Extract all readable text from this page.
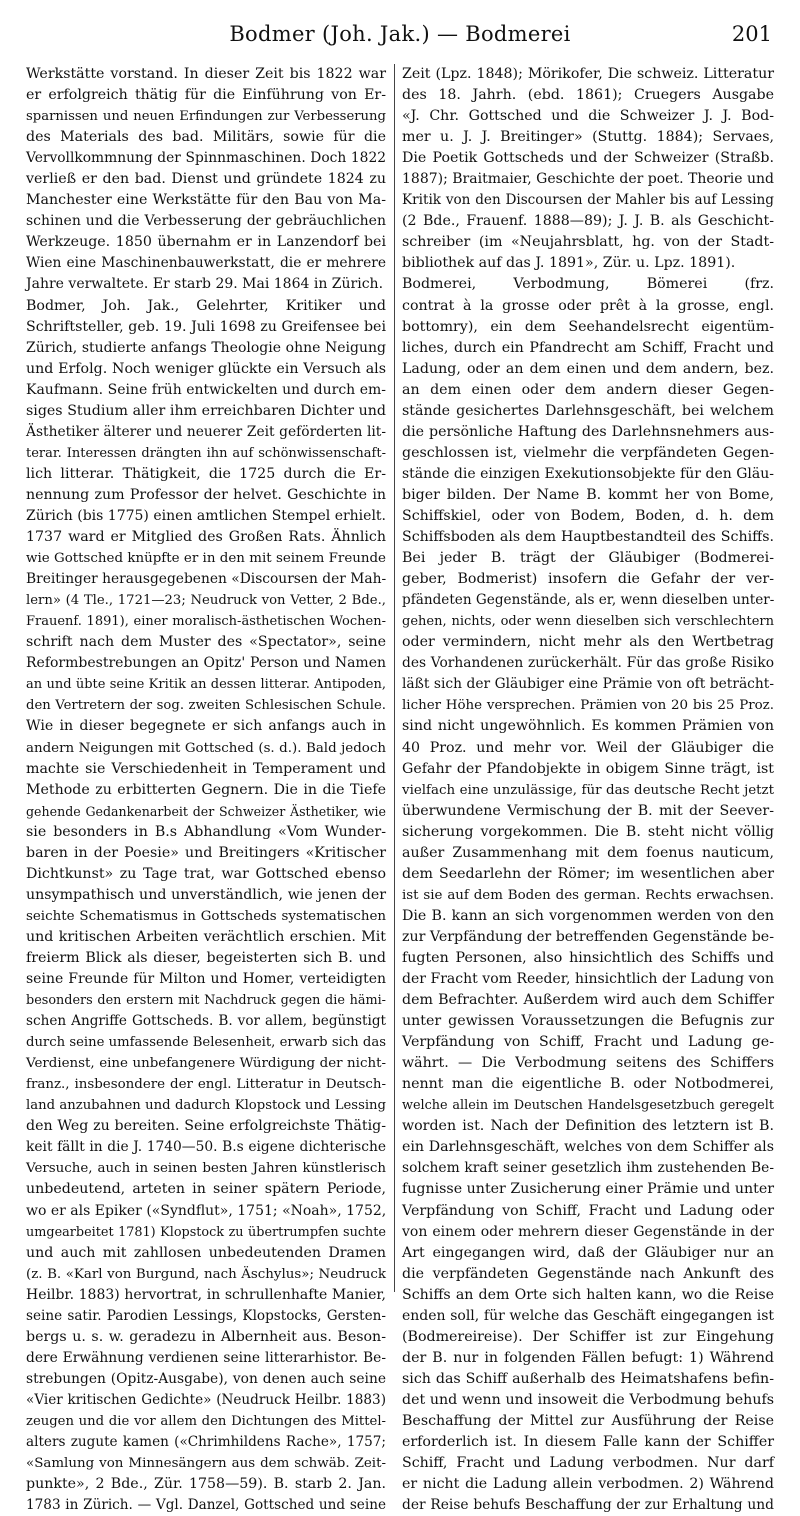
Bodmer (Joh. Jak.) — Bodmerei	201
Werkstätte vorstand. In dieser Zeit bis 1822 war
er erfolgreich thätig für die Einführung von Er-
sparnissen und neuen Erfindungen zur Verbesserung
des Materials des bad. Militärs, sowie für die
Vervollkommnung der Spinnmaschinen. Doch 1822
verließ er den bad. Dienst und gründete 1824 zu
Manchester eine Werkstätte für den Bau von Ma-
schinen und die Verbesserung der gebräuchlichen
Werkzeuge. 1850 übernahm er in Lanzendorf bei
Wien eine Maschinenbauwerkstatt, die er mehrere
Jahre verwaltete. Er starb 29. Mai 1864 in Zürich.
Bodmer, Joh. Jak., Gelehrter, Kritiker und
Schriftsteller, geb. 19. Juli 1698 zu Greifensee bei
Zürich, studierte anfangs Theologie ohne Neigung
und Erfolg. Noch weniger glückte ein Versuch als
Kaufmann. Seine früh entwickelten und durch em-
siges Studium aller ihm erreichbaren Dichter und
Ästhetiker älterer und neuerer Zeit geförderten lit-
terar. Interessen drängten ihn auf schönwissenschaft-
lich litterar. Thätigkeit, die 1725 durch die Er-
nennung zum Professor der helvet. Geschichte in
Zürich (bis 1775) einen amtlichen Stempel erhielt.
1737 ward er Mitglied des Großen Rats. Ähnlich
wie Gottsched knüpfte er in den mit seinem Freunde
Breitinger herausgegebenen «Discoursen der Mah-
lern» (4 Tle., 1721—23; Neudruck von Vetter, 2 Bde.,
Frauenf. 1891), einer moralisch-ästhetischen Wochen-
schrift nach dem Muster des «Spectator», seine
Reformbestrebungen an Opitz' Person und Namen
an und übte seine Kritik an dessen litterar. Antipoden,
den Vertretern der sog. zweiten Schlesischen Schule.
Wie in dieser begegnete er sich anfangs auch in
andern Neigungen mit Gottsched (s. d.). Bald jedoch
machte sie Verschiedenheit in Temperament und
Methode zu erbitterten Gegnern. Die in die Tiefe
gehende Gedankenarbeit der Schweizer Ästhetiker, wie
sie besonders in B.s Abhandlung «Vom Wunder-
baren in der Poesie» und Breitingers «Kritischer
Dichtkunst» zu Tage trat, war Gottsched ebenso
unsympathisch und unverständlich, wie jenen der
seichte Schematismus in Gottscheds systematischen
und kritischen Arbeiten verächtlich erschien. Mit
freierm Blick als dieser, begeisterten sich B. und
seine Freunde für Milton und Homer, verteidigten
besonders den erstern mit Nachdruck gegen die hämi-
schen Angriffe Gottscheds. B. vor allem, begünstigt
durch seine umfassende Belesenheit, erwarb sich das
Verdienst, eine unbefangenere Würdigung der nicht-
franz., insbesondere der engl. Litteratur in Deutsch-
land anzubahnen und dadurch Klopstock und Lessing
den Weg zu bereiten. Seine erfolgreichste Thätig-
keit fällt in die J. 1740—50. B.s eigene dichterische
Versuche, auch in seinen besten Jahren künstlerisch
unbedeutend, arteten in seiner spätern Periode,
wo er als Epiker («Syndflut», 1751; «Noah», 1752,
umgearbeitet 1781) Klopstock zu übertrumpfen suchte
und auch mit zahllosen unbedeutenden Dramen
(z. B. «Karl von Burgund, nach Äschylus»; Neudruck
Heilbr. 1883) hervortrat, in schrullenhafte Manier,
seine satir. Parodien Lessings, Klopstocks, Gersten-
bergs u. s. w. geradezu in Albernheit aus. Beson-
dere Erwähnung verdienen seine litterarhistor. Be-
strebungen (Opitz-Ausgabe), von denen auch seine
«Vier kritischen Gedichte» (Neudruck Heilbr. 1883)
zeugen und die vor allem den Dichtungen des Mittel-
alters zugute kamen («Chrimhildens Rache», 1757;
«Samlung von Minnesängern aus dem schwäb. Zeit-
punkte», 2 Bde., Zür. 1758—59). B. starb 2. Jan.
1783 in Zürich. — Vgl. Danzel, Gottsched und seine
Zeit (Lpz. 1848); Mörikofer, Die schweiz. Litteratur
des 18. Jahrh. (ebd. 1861); Cruegers Ausgabe
«J. Chr. Gottsched und die Schweizer J. J. Bod-
mer u. J. J. Breitinger» (Stuttg. 1884); Servaes,
Die Poetik Gottscheds und der Schweizer (Straßb.
1887); Braitmaier, Geschichte der poet. Theorie und
Kritik von den Discoursen der Mahler bis auf Lessing
(2 Bde., Frauenf. 1888—89); J. J. B. als Geschicht-
schreiber (im «Neujahrsblatt, hg. von der Stadt-
bibliothek auf das J. 1891», Zür. u. Lpz. 1891).
Bodmerei, Verbodmung, Bömerei (frz.
contrat à la grosse oder prêt à la grosse, engl.
bottomry), ein dem Seehandelsrecht eigentüm-
liches, durch ein Pfandrecht am Schiff, Fracht und
Ladung, oder an dem einen und dem andern, bez.
an dem einen oder dem andern dieser Gegen-
stände gesichertes Darlehnsgeschäft, bei welchem
die persönliche Haftung des Darlehnsnehmers aus-
geschlossen ist, vielmehr die verpfändeten Gegen-
stände die einzigen Exekutionsobjekte für den Gläu-
biger bilden. Der Name B. kommt her von Bome,
Schiffskiel, oder von Bodem, Boden, d. h. dem
Schiffsboden als dem Hauptbestandteil des Schiffs.
Bei jeder B. trägt der Gläubiger (Bodmerei-
geber, Bodmerist) insofern die Gefahr der ver-
pfändeten Gegenstände, als er, wenn dieselben unter-
gehen, nichts, oder wenn dieselben sich verschlechtern
oder vermindern, nicht mehr als den Wertbetrag
des Vorhandenen zurückerhält. Für das große Risiko
läßt sich der Gläubiger eine Prämie von oft beträcht-
licher Höhe versprechen. Prämien von 20 bis 25 Proz.
sind nicht ungewöhnlich. Es kommen Prämien von
40 Proz. und mehr vor. Weil der Gläubiger die
Gefahr der Pfandobjekte in obigem Sinne trägt, ist
vielfach eine unzulässige, für das deutsche Recht jetzt
überwundene Vermischung der B. mit der Seever-
sicherung vorgekommen. Die B. steht nicht völlig
außer Zusammenhang mit dem foenus nauticum,
dem Seedarlehn der Römer; im wesentlichen aber
ist sie auf dem Boden des german. Rechts erwachsen.
Die B. kann an sich vorgenommen werden von den
zur Verpfändung der betreffenden Gegenstände be-
fugten Personen, also hinsichtlich des Schiffs und
der Fracht vom Reeder, hinsichtlich der Ladung von
dem Befrachter. Außerdem wird auch dem Schiffer
unter gewissen Voraussetzungen die Befugnis zur
Verpfändung von Schiff, Fracht und Ladung ge-
währt. — Die Verbodmung seitens des Schiffers
nennt man die eigentliche B. oder Notbodmerei,
welche allein im Deutschen Handelsgesetzbuch geregelt
worden ist. Nach der Definition des letztern ist B.
ein Darlehnsgeschäft, welches von dem Schiffer als
solchem kraft seiner gesetzlich ihm zustehenden Be-
fugnisse unter Zusicherung einer Prämie und unter
Verpfändung von Schiff, Fracht und Ladung oder
von einem oder mehrern dieser Gegenstände in der
Art eingegangen wird, daß der Gläubiger nur an
die verpfändeten Gegenstände nach Ankunft des
Schiffs an dem Orte sich halten kann, wo die Reise
enden soll, für welche das Geschäft eingegangen ist
(Bodmereireise). Der Schiffer ist zur Eingehung
der B. nur in folgenden Fällen befugt: 1) Während
sich das Schiff außerhalb des Heimatshafens befin-
det und wenn und insoweit die Verbodmung behufs
Beschaffung der Mittel zur Ausführung der Reise
erforderlich ist. In diesem Falle kann der Schiffer
Schiff, Fracht und Ladung verbodmen. Nur darf
er nicht die Ladung allein verbodmen. 2) Während
der Reise behufs Beschaffung der zur Erhaltung und
